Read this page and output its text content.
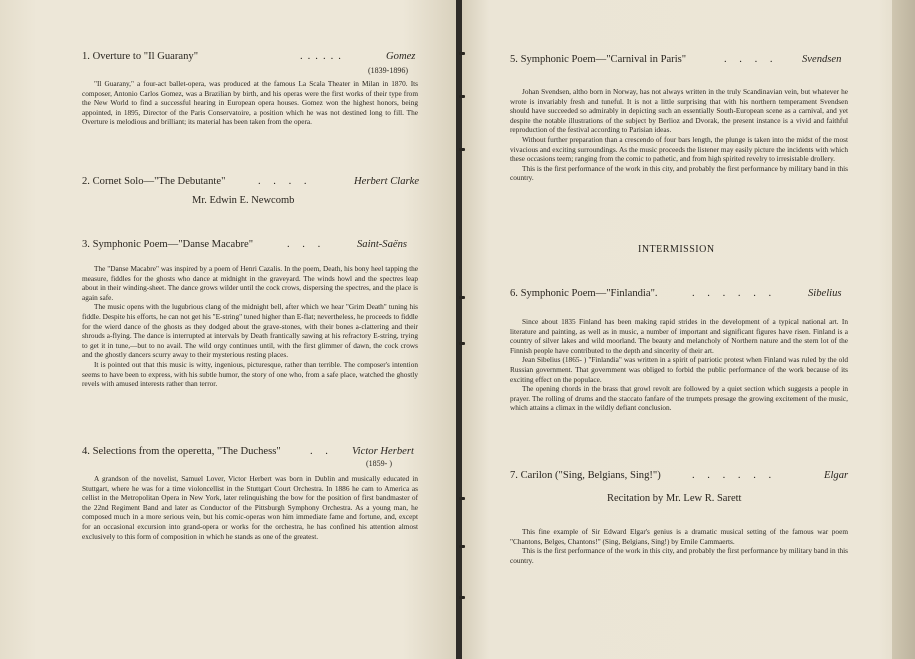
1. Overture to "Il Guarany"	......	Gomez
(1839-1896)

"Il Guarany," a four-act ballet-opera, was produced at the famous La Scala Theater in Milan in 1870. Its composer, Antonio Carlos Gomez, was a Brazilian by birth, and his operas were the first works of their type from the New World to find a successful hearing in European opera houses. Gomez won the highest honors, being appointed, in 1895, Director of the Paris Conservatoire, a position which he was not destined long to fill. The Overture is melodious and brilliant; its material has been taken from the opera.

2. Cornet Solo—"The Debutante"	. . . .	Herbert Clarke
Mr. Edwin E. Newcomb
3. Symphonic Poem—"Danse Macabre"	. . .	Saint-Saëns

The "Danse Macabre" was inspired by a poem of Henri Cazalis. In the poem, Death, his bony heel tapping the measure, fiddles for the ghosts who dance at midnight in the graveyard. The winds howl and the spectres leap about in their winding-sheet. The dance grows wilder until the cock crows, dispersing the spectres, and the place is again safe.

The music opens with the lugubrious clang of the midnight bell, after which we hear "Grim Death" tuning his fiddle. Despite his efforts, he can not get his "E-string" tuned higher than E-flat; nevertheless, he proceeds to fiddle for the wierd dance of the ghosts as they dodged about the grave-stones, with their bones a-clattering and their shrouds a-flying. The dance is interrupted at intervals by Death frantically sawing at his refractory E-string, trying to get it in tune,—but to no avail. The wild orgy continues until, with the first glimmer of dawn, the cock crows and the ghostly dancers scurry away to their mysterious resting places.

It is pointed out that this music is witty, ingenious, picturesque, rather than terrible. The composer's intention seems to have been to express, with his subtle humor, the story of one who, from a safe place, watched the ghostly revels with amused interests rather than terror.

4. Selections from the operetta, "The Duchess"	. . Victor Herbert
(1859- )

A grandson of the novelist, Samuel Lover, Victor Herbert was born in Dublin and musically educated in Stuttgart, where he was for a time violoncellist in the Stuttgart Court Orchestra. In 1886 he cam to America as cellist in the Metropolitan Opera in New York, later relinquishing the bow for the position of first bandmaster of the 22nd Regiment Band and later as Conductor of the Pittsburgh Symphony Orchestra. As a young man, he composed much in a more serious vein, but his comic-operas won him immediate fame and fortune, and, except for an occasional excursion into grand-opera or works for the orchestra, he has confined his attention almost exclusively to this form of composition in which he stands as one of the greatest.

5. Symphonic Poem—"Carnival in Paris"	. . . . Svendsen

Johan Svendsen, altho born in Norway, has not always written in the truly Scandinavian vein, but whatever he wrote is invariably fresh and tuneful. It is not a little surprising that with his northern temperament Svendsen should have succeeded so admirably in depicting such an essentially South-European scene as a carnival, and yet despite the notable illustrations of the subject by Berlioz and Dvorak, the present instance is a vivid and faithful reproduction of the festival according to Parisian ideas.

Without further preparation than a crescendo of four bars length, the plunge is taken into the midst of the most vivacious and exciting surroundings. As the music proceeds the listener may easily picture the incidents with which these occasions teem; ranging from the comic to pathetic, and from high spirited revelry to irresistable drollery.

This is the first performance of the work in this city, and probably the first performance by military band in this country.

INTERMISSION
6. Symphonic Poem—"Finlandia".	. . . . . .	Sibelius

Since about 1835 Finland has been making rapid strides in the development of a typical national art. In literature and painting, as well as in music, a number of important and significant figures have risen. Finland is a country of silver lakes and wild moorland. The beauty and melancholy of Northern nature and the stern lot of the Finnish people have contributed to the depth and sincerity of their art.

Jean Sibelius (1865- ) "Finlandia" was written in a spirit of patriotic protest when Finland was ruled by the old Russian government. That government was obliged to forbid the public performance of the work because of its exciting effect on the populace.

The opening chords in the brass that growl revolt are followed by a quiet section which suggests a people in prayer. The rolling of drums and the staccato fanfare of the trumpets presage the growing excitement of the music, which attains a climax in the wildly defiant conclusion.

7. Carilon ("Sing, Belgians, Sing!")	. . . . . .	Elgar
Recitation by Mr. Lew R. Sarett

This fine example of Sir Edward Elgar's genius is a dramatic musical setting of the famous war poem "Chantons, Belges, Chantons!" (Sing, Belgians, Sing!) by Emile Cammaerts.

This is the first performance of the work in this city, and probably the first performance by military band in this country.
